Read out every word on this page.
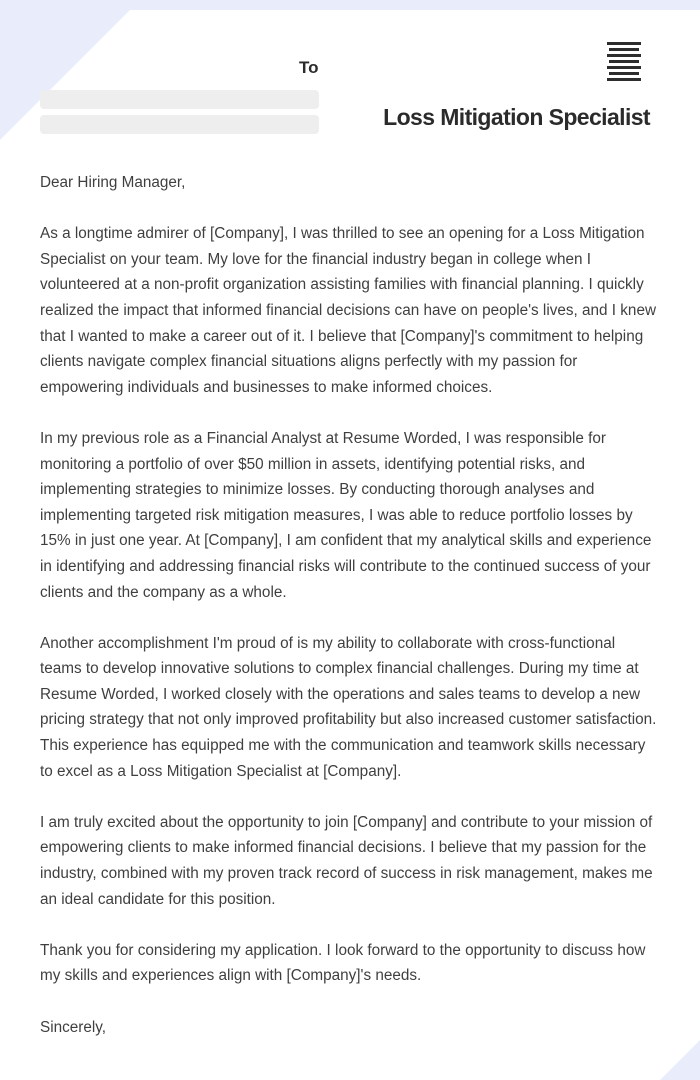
To
Loss Mitigation Specialist

Dear Hiring Manager,

As a longtime admirer of [Company], I was thrilled to see an opening for a Loss Mitigation Specialist on your team. My love for the financial industry began in college when I volunteered at a non-profit organization assisting families with financial planning. I quickly realized the impact that informed financial decisions can have on people's lives, and I knew that I wanted to make a career out of it. I believe that [Company]'s commitment to helping clients navigate complex financial situations aligns perfectly with my passion for empowering individuals and businesses to make informed choices.

In my previous role as a Financial Analyst at Resume Worded, I was responsible for monitoring a portfolio of over $50 million in assets, identifying potential risks, and implementing strategies to minimize losses. By conducting thorough analyses and implementing targeted risk mitigation measures, I was able to reduce portfolio losses by 15% in just one year. At [Company], I am confident that my analytical skills and experience in identifying and addressing financial risks will contribute to the continued success of your clients and the company as a whole.

Another accomplishment I'm proud of is my ability to collaborate with cross-functional teams to develop innovative solutions to complex financial challenges. During my time at Resume Worded, I worked closely with the operations and sales teams to develop a new pricing strategy that not only improved profitability but also increased customer satisfaction. This experience has equipped me with the communication and teamwork skills necessary to excel as a Loss Mitigation Specialist at [Company].

I am truly excited about the opportunity to join [Company] and contribute to your mission of empowering clients to make informed financial decisions. I believe that my passion for the industry, combined with my proven track record of success in risk management, makes me an ideal candidate for this position.

Thank you for considering my application. I look forward to the opportunity to discuss how my skills and experiences align with [Company]'s needs.

Sincerely,
